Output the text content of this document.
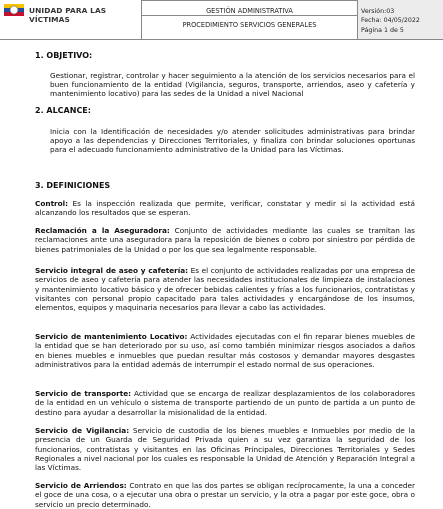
UNIDAD PARA LAS VÍCTIMAS
GESTIÓN ADMINISTRATIVA
PROCEDIMIENTO SERVICIOS GENERALES
Versión:03
Fecha: 04/05/2022
Página 1 de 5
1. OBJETIVO:
Gestionar, registrar, controlar y hacer seguimiento a la atención de los servicios necesarios para el buen funcionamiento de la entidad (Vigilancia, seguros, transporte, arriendos, aseo y cafetería y mantenimiento locativo) para las sedes de la Unidad a nivel Nacional
2. ALCANCE:
Inicia con la Identificación de necesidades y/o atender solicitudes administrativas para brindar apoyo a las dependencias y Direcciones Territoriales, y finaliza con brindar soluciones oportunas para el adecuado funcionamiento administrativo de la Unidad para las Víctimas.
3. DEFINICIONES
Control: Es la inspección realizada que permite, verificar, constatar y medir si la actividad está alcanzando los resultados que se esperan.
Reclamación a la Aseguradora: Conjunto de actividades mediante las cuales se tramitan las reclamaciones ante una aseguradora para la reposición de bienes o cobro por siniestro por pérdida de bienes patrimoniales de la Unidad o por los que sea legalmente responsable.
Servicio integral de aseo y cafetería: Es el conjunto de actividades realizadas por una empresa de servicios de aseo y cafetería para atender las necesidades institucionales de limpieza de instalaciones y mantenimiento locativo básico y de ofrecer bebidas calientes y frías a los funcionarios, contratistas y visitantes con personal propio capacitado para tales actividades y encargándose de los insumos, elementos, equipos y maquinaria necesarios para llevar a cabo las actividades.
Servicio de mantenimiento Locativo: Actividades ejecutadas con el fin reparar bienes muebles de la entidad que se han deteriorado por su uso, así como también minimizar riesgos asociados a daños en bienes muebles e inmuebles que puedan resultar más costosos y demandar mayores desgastes administrativos para la entidad además de interrumpir el estado normal de sus operaciones.
Servicio de transporte: Actividad que se encarga de realizar desplazamientos de los colaboradores de la entidad en un vehículo o sistema de transporte partiendo de un punto de partida a un punto de destino para ayudar a desarrollar la misionalidad de la entidad.
Servicio de Vigilancia: Servicio de custodia de los bienes muebles e Inmuebles por medio de la presencia de un Guarda de Seguridad Privada quien a su vez garantiza la seguridad de los funcionarios, contratistas y visitantes en las Oficinas Principales, Direcciones Territoriales y Sedes Regionales a nivel nacional por los cuales es responsable la Unidad de Atención y Reparación Integral a las Víctimas.
Servicio de Arriendos: Contrato en que las dos partes se obligan recíprocamente, la una a conceder el goce de una cosa, o a ejecutar una obra o prestar un servicio, y la otra a pagar por este goce, obra o servicio un precio determinado.
